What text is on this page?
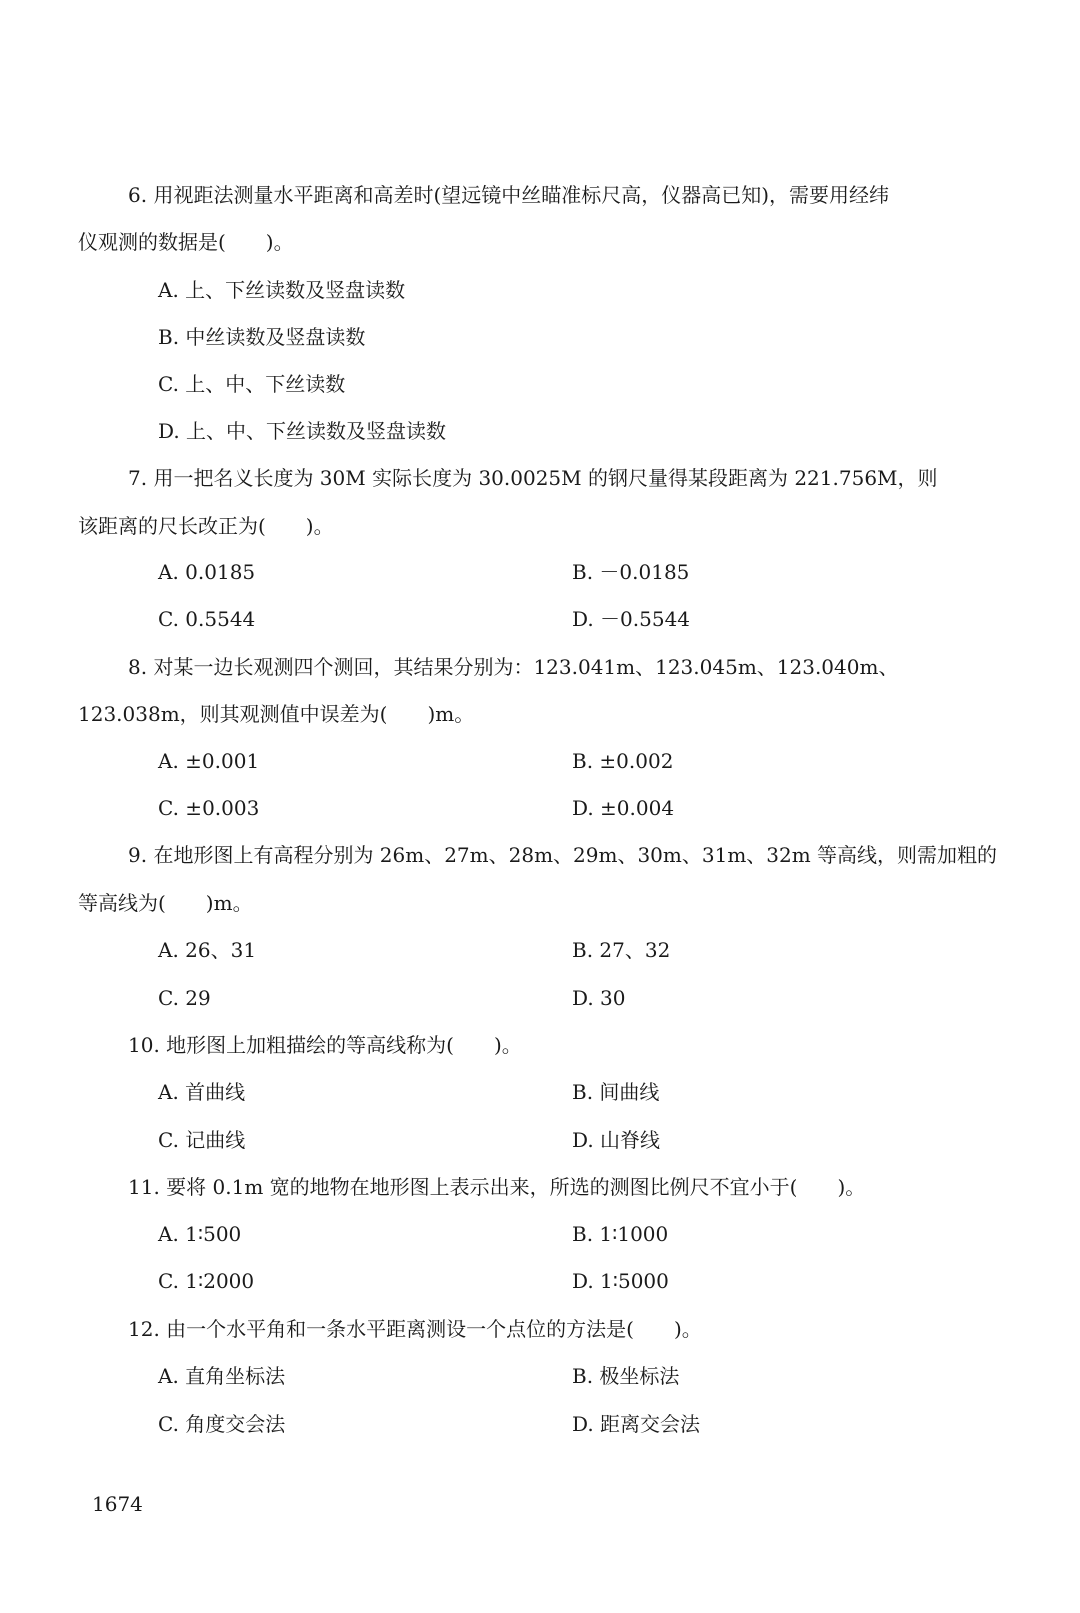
6. 用视距法测量水平距离和高差时(望远镜中丝瞄准标尺高，仪器高已知)，需要用经纬
仪观测的数据是(　　)。
A. 上、下丝读数及竖盘读数
B. 中丝读数及竖盘读数
C. 上、中、下丝读数
D. 上、中、下丝读数及竖盘读数
7. 用一把名义长度为 30M 实际长度为 30.0025M 的钢尺量得某段距离为 221.756M，则
该距离的尺长改正为(　　)。
A. 0.0185	B. －0.0185
C. 0.5544	D. －0.5544
8. 对某一边长观测四个测回，其结果分别为：123.041m、123.045m、123.040m、
123.038m，则其观测值中误差为(　　)m。
A. ±0.001	B. ±0.002
C. ±0.003	D. ±0.004
9. 在地形图上有高程分别为 26m、27m、28m、29m、30m、31m、32m 等高线，则需加粗的
等高线为(　　)m。
A. 26、31	B. 27、32
C. 29	D. 30
10. 地形图上加粗描绘的等高线称为(　　)。
A. 首曲线	B. 间曲线
C. 记曲线	D. 山脊线
11. 要将 0.1m 宽的地物在地形图上表示出来，所选的测图比例尺不宜小于(　　)。
A. 1∶500	B. 1∶1000
C. 1∶2000	D. 1∶5000
12. 由一个水平角和一条水平距离测设一个点位的方法是(　　)。
A. 直角坐标法	B. 极坐标法
C. 角度交会法	D. 距离交会法
1674
